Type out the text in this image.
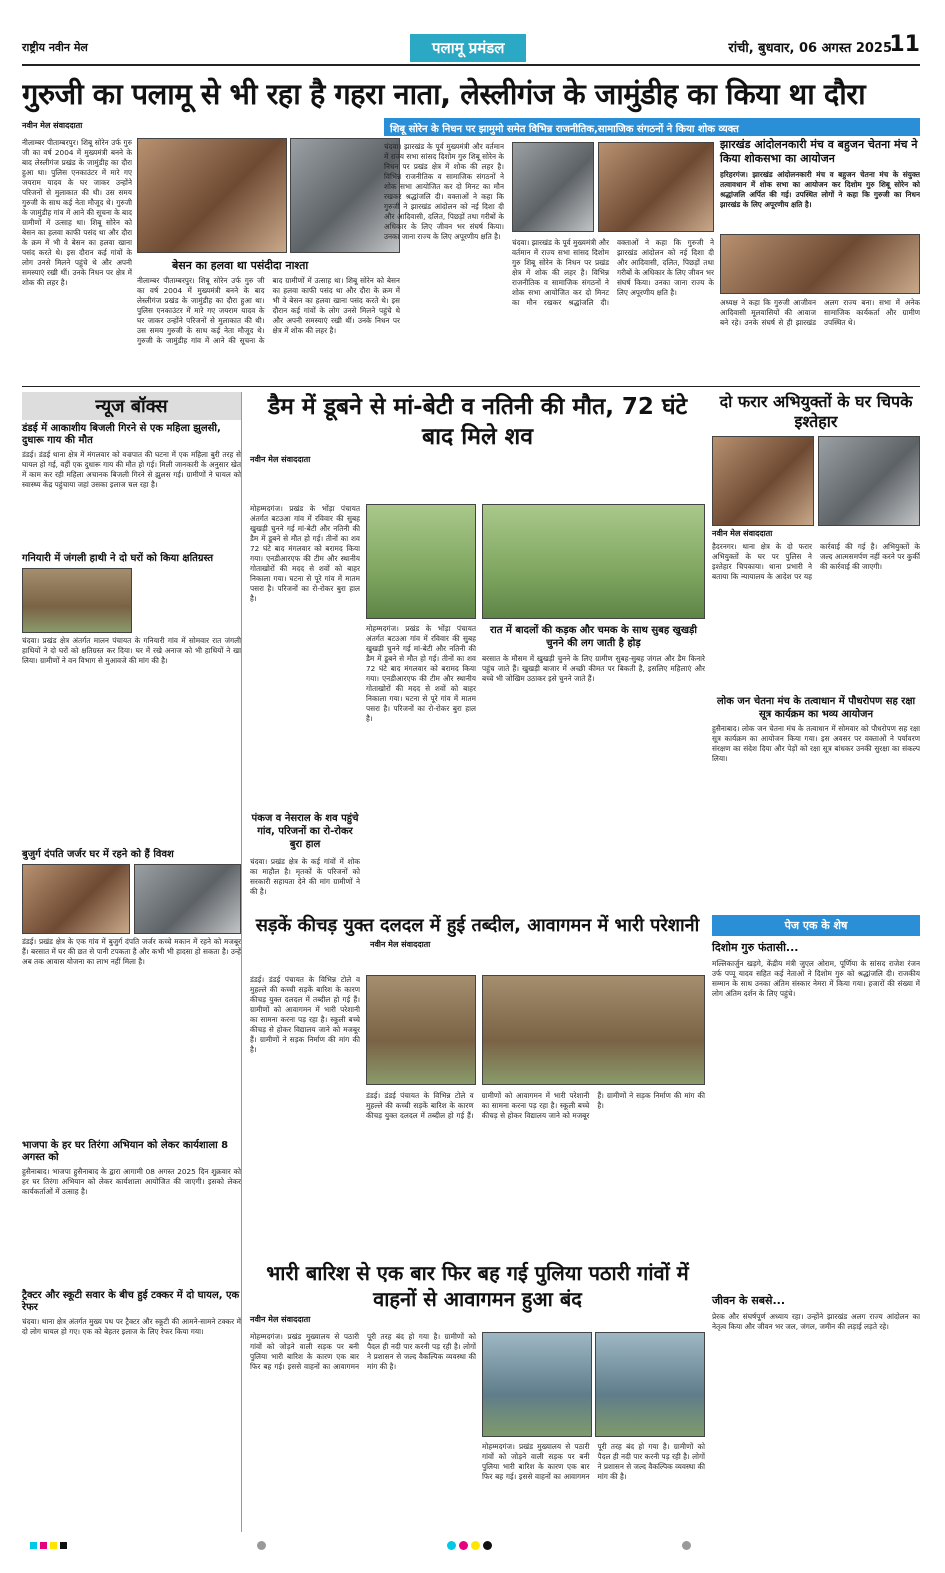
राष्ट्रीय नवीन मेल	पलामू प्रमंडल	रांची, बुधवार, 06 अगस्त 2025
11
गुरुजी का पलामू से भी रहा है गहरा नाता, लेस्लीगंज के जामुंडीह का किया था दौरा
नवीन मेल संवाददाता
बेसन का हलवा था पसंदीदा नाश्ता
नीलाम्बर पीताम्बरपुर। शिबू सोरेन उर्फ गुरु जी का वर्ष 2004 में मुख्यमंत्री बनने के बाद लेस्लीगंज प्रखंड के जामुंडीह का दौरा हुआ था। पुलिस एनकाउंटर में मारे गए जयराम यादव के घर जाकर उन्होंने परिजनों से मुलाकात की थी। उस समय गुरुजी के साथ कई नेता मौजूद थे। गुरुजी के जामुंडीह गांव में आने की सूचना के बाद ग्रामीणों में उत्साह था। शिबू सोरेन को बेसन का हलवा काफी पसंद था और दौरा के क्रम में भी वे बेसन का हलवा खाना पसंद करते थे। इस दौरान कई गांवों के लोग उनसे मिलने पहुंचे थे और अपनी समस्याएं रखी थीं। उनके निधन पर क्षेत्र में शोक की लहर है।	नीलाम्बर पीताम्बरपुर। शिबू सोरेन उर्फ गुरु जी का वर्ष 2004 में मुख्यमंत्री बनने के बाद लेस्लीगंज प्रखंड के जामुंडीह का दौरा हुआ था। पुलिस एनकाउंटर में मारे गए जयराम यादव के घर जाकर उन्होंने परिजनों से मुलाकात की थी। उस समय गुरुजी के साथ कई नेता मौजूद थे। गुरुजी के जामुंडीह गांव में आने की सूचना के बाद ग्रामीणों में उत्साह था। शिबू सोरेन को बेसन का हलवा काफी पसंद था और दौरा के क्रम में भी वे बेसन का हलवा खाना पसंद करते थे। इस दौरान कई गांवों के लोग उनसे मिलने पहुंचे थे और अपनी समस्याएं रखी थीं। उनके निधन पर क्षेत्र में शोक की लहर है।
शिबू सोरेन के निधन पर झामुमो समेत विभिन्न राजनीतिक,सामाजिक संगठनों ने किया शोक व्यक्त
चंदवा। झारखंड के पूर्व मुख्यमंत्री और वर्तमान में राज्य सभा सांसद दिशोम गुरु शिबू सोरेन के निधन पर प्रखंड क्षेत्र में शोक की लहर है। विभिन्न राजनीतिक व सामाजिक संगठनों ने शोक सभा आयोजित कर दो मिनट का मौन रखकर श्रद्धांजलि दी। वक्ताओं ने कहा कि गुरुजी ने झारखंड आंदोलन को नई दिशा दी और आदिवासी, दलित, पिछड़ों तथा गरीबों के अधिकार के लिए जीवन भर संघर्ष किया। उनका जाना राज्य के लिए अपूरणीय क्षति है।
चंदवा। झारखंड के पूर्व मुख्यमंत्री और वर्तमान में राज्य सभा सांसद दिशोम गुरु शिबू सोरेन के निधन पर प्रखंड क्षेत्र में शोक की लहर है। विभिन्न राजनीतिक व सामाजिक संगठनों ने शोक सभा आयोजित कर दो मिनट का मौन रखकर श्रद्धांजलि दी। वक्ताओं ने कहा कि गुरुजी ने झारखंड आंदोलन को नई दिशा दी और आदिवासी, दलित, पिछड़ों तथा गरीबों के अधिकार के लिए जीवन भर संघर्ष किया। उनका जाना राज्य के लिए अपूरणीय क्षति है।
झारखंड आंदोलनकारी मंच व बहुजन चेतना मंच ने किया शोकसभा का आयोजन
हरिहरगंज। झारखंड आंदोलनकारी मंच व बहुजन चेतना मंच के संयुक्त तत्वावधान में शोक सभा का आयोजन कर दिशोम गुरु शिबू सोरेन को श्रद्धांजलि अर्पित की गई। उपस्थित लोगों ने कहा कि गुरुजी का निधन झारखंड के लिए अपूरणीय क्षति है।
अध्यक्ष ने कहा कि गुरुजी आजीवन आदिवासी मूलवासियों की आवाज बने रहे। उनके संघर्ष से ही झारखंड अलग राज्य बना। सभा में अनेक सामाजिक कार्यकर्ता और ग्रामीण उपस्थित थे।
न्यूज बॉक्स
डंडई में आकाशीय बिजली गिरने से एक महिला झुलसी, दुधारू गाय की मौत
डंडई। डंडई थाना क्षेत्र में मंगलवार को वज्रपात की घटना में एक महिला बुरी तरह से घायल हो गई, वहीं एक दुधारू गाय की मौत हो गई। मिली जानकारी के अनुसार खेत में काम कर रही महिला अचानक बिजली गिरने से झुलस गई। ग्रामीणों ने घायल को स्वास्थ्य केंद्र पहुंचाया जहां उसका इलाज चल रहा है।
गनियारी में जंगली हाथी ने दो घरों को किया क्षतिग्रस्त
चंदवा। प्रखंड क्षेत्र अंतर्गत मालन पंचायत के गनियारी गांव में सोमवार रात जंगली हाथियों ने दो घरों को क्षतिग्रस्त कर दिया। घर में रखे अनाज को भी हाथियों ने खा लिया। ग्रामीणों ने वन विभाग से मुआवजे की मांग की है।
बुजुर्ग दंपति जर्जर घर में रहने को हैं विवश
डंडई। प्रखंड क्षेत्र के एक गांव में बुजुर्ग दंपति जर्जर कच्चे मकान में रहने को मजबूर हैं। बरसात में घर की छत से पानी टपकता है और कभी भी हादसा हो सकता है। उन्हें अब तक आवास योजना का लाभ नहीं मिला है।
भाजपा के हर घर तिरंगा अभियान को लेकर कार्यशाला 8 अगस्त को
हुसैनाबाद। भाजपा हुसैनाबाद के द्वारा आगामी 08 अगस्त 2025 दिन शुक्रवार को हर घर तिरंगा अभियान को लेकर कार्यशाला आयोजित की जाएगी। इसको लेकर कार्यकर्ताओं में उत्साह है।
ट्रैक्टर और स्कूटी सवार के बीच हुई टक्कर में दो घायल, एक रेफर
चंदवा। थाना क्षेत्र अंतर्गत मुख्य पथ पर ट्रैक्टर और स्कूटी की आमने-सामने टक्कर में दो लोग घायल हो गए। एक को बेहतर इलाज के लिए रेफर किया गया।
डैम में डूबने से मां-बेटी व नतिनी की मौत, 72 घंटे बाद मिले शव
नवीन मेल संवाददाता
मोहम्मदगंज। प्रखंड के भोंड़ा पंचायत अंतर्गत बटउआ गांव में रविवार की सुबह खुखड़ी चुनने गई मां-बेटी और नतिनी की डैम में डूबने से मौत हो गई। तीनों का शव 72 घंटे बाद मंगलवार को बरामद किया गया। एनडीआरएफ की टीम और स्थानीय गोताखोरों की मदद से शवों को बाहर निकाला गया। घटना से पूरे गांव में मातम पसरा है। परिजनों का रो-रोकर बुरा हाल है।
मोहम्मदगंज। प्रखंड के भोंड़ा पंचायत अंतर्गत बटउआ गांव में रविवार की सुबह खुखड़ी चुनने गई मां-बेटी और नतिनी की डैम में डूबने से मौत हो गई। तीनों का शव 72 घंटे बाद मंगलवार को बरामद किया गया। एनडीआरएफ की टीम और स्थानीय गोताखोरों की मदद से शवों को बाहर निकाला गया। घटना से पूरे गांव में मातम पसरा है। परिजनों का रो-रोकर बुरा हाल है।
रात में बादलों की कड़क और चमक के साथ सुबह खुखड़ी चुनने की लग जाती है होड़
बरसात के मौसम में खुखड़ी चुनने के लिए ग्रामीण सुबह-सुबह जंगल और डैम किनारे पहुंच जाते हैं। खुखड़ी बाजार में अच्छी कीमत पर बिकती है, इसलिए महिलाएं और बच्चे भी जोखिम उठाकर इसे चुनने जाते हैं।
पंकज व नेसराल के शव पहुंचे गांव, परिजनों का रो-रोकर बुरा हाल
चंदवा। प्रखंड क्षेत्र के कई गांवों में शोक का माहौल है। मृतकों के परिजनों को सरकारी सहायता देने की मांग ग्रामीणों ने की है।
दो फरार अभियुक्तों के घर चिपके इश्तेहार
नवीन मेल संवाददाता
हैदरनगर। थाना क्षेत्र के दो फरार अभियुक्तों के घर पर पुलिस ने इश्तेहार चिपकाया। थाना प्रभारी ने बताया कि न्यायालय के आदेश पर यह कार्रवाई की गई है। अभियुक्तों के जल्द आत्मसमर्पण नहीं करने पर कुर्की की कार्रवाई की जाएगी।
लोक जन चेतना मंच के तत्वाधान में पौधरोपण सह रक्षा सूत्र कार्यक्रम का भव्य आयोजन
हुसैनाबाद। लोक जन चेतना मंच के तत्वाधान में सोमवार को पौधरोपण सह रक्षा सूत्र कार्यक्रम का आयोजन किया गया। इस अवसर पर वक्ताओं ने पर्यावरण संरक्षण का संदेश दिया और पेड़ों को रक्षा सूत्र बांधकर उनकी सुरक्षा का संकल्प लिया।
सड़कें कीचड़ युक्त दलदल में हुई तब्दील, आवागमन में भारी परेशानी
नवीन मेल संवाददाता
डंडई। डंडई पंचायत के विभिन्न टोले व मुहल्ले की कच्ची सड़कें बारिश के कारण कीचड़ युक्त दलदल में तब्दील हो गई हैं। ग्रामीणों को आवागमन में भारी परेशानी का सामना करना पड़ रहा है। स्कूली बच्चे कीचड़ से होकर विद्यालय जाने को मजबूर हैं। ग्रामीणों ने सड़क निर्माण की मांग की है।
डंडई। डंडई पंचायत के विभिन्न टोले व मुहल्ले की कच्ची सड़कें बारिश के कारण कीचड़ युक्त दलदल में तब्दील हो गई हैं। ग्रामीणों को आवागमन में भारी परेशानी का सामना करना पड़ रहा है। स्कूली बच्चे कीचड़ से होकर विद्यालय जाने को मजबूर हैं। ग्रामीणों ने सड़क निर्माण की मांग की है।
भारी बारिश से एक बार फिर बह गई पुलिया पठारी गांवों में वाहनों से आवागमन हुआ बंद
नवीन मेल संवाददाता
मोहम्मदगंज। प्रखंड मुख्यालय से पठारी गांवों को जोड़ने वाली सड़क पर बनी पुलिया भारी बारिश के कारण एक बार फिर बह गई। इससे वाहनों का आवागमन पूरी तरह बंद हो गया है। ग्रामीणों को पैदल ही नदी पार करनी पड़ रही है। लोगों ने प्रशासन से जल्द वैकल्पिक व्यवस्था की मांग की है।
मोहम्मदगंज। प्रखंड मुख्यालय से पठारी गांवों को जोड़ने वाली सड़क पर बनी पुलिया भारी बारिश के कारण एक बार फिर बह गई। इससे वाहनों का आवागमन पूरी तरह बंद हो गया है। ग्रामीणों को पैदल ही नदी पार करनी पड़ रही है। लोगों ने प्रशासन से जल्द वैकल्पिक व्यवस्था की मांग की है।
पेज एक के शेष
दिशोम गुरु फंतासी...
मल्लिकार्जुन खड़गे, केंद्रीय मंत्री जुएल ओराम, पूर्णिया के सांसद राजेश रंजन उर्फ पप्पू यादव सहित कई नेताओं ने दिशोम गुरु को श्रद्धांजलि दी। राजकीय सम्मान के साथ उनका अंतिम संस्कार नेमरा में किया गया। हजारों की संख्या में लोग अंतिम दर्शन के लिए पहुंचे।
जीवन के सबसे...
प्रेरक और संघर्षपूर्ण अध्याय रहा। उन्होंने झारखंड अलग राज्य आंदोलन का नेतृत्व किया और जीवन भर जल, जंगल, जमीन की लड़ाई लड़ते रहे।
